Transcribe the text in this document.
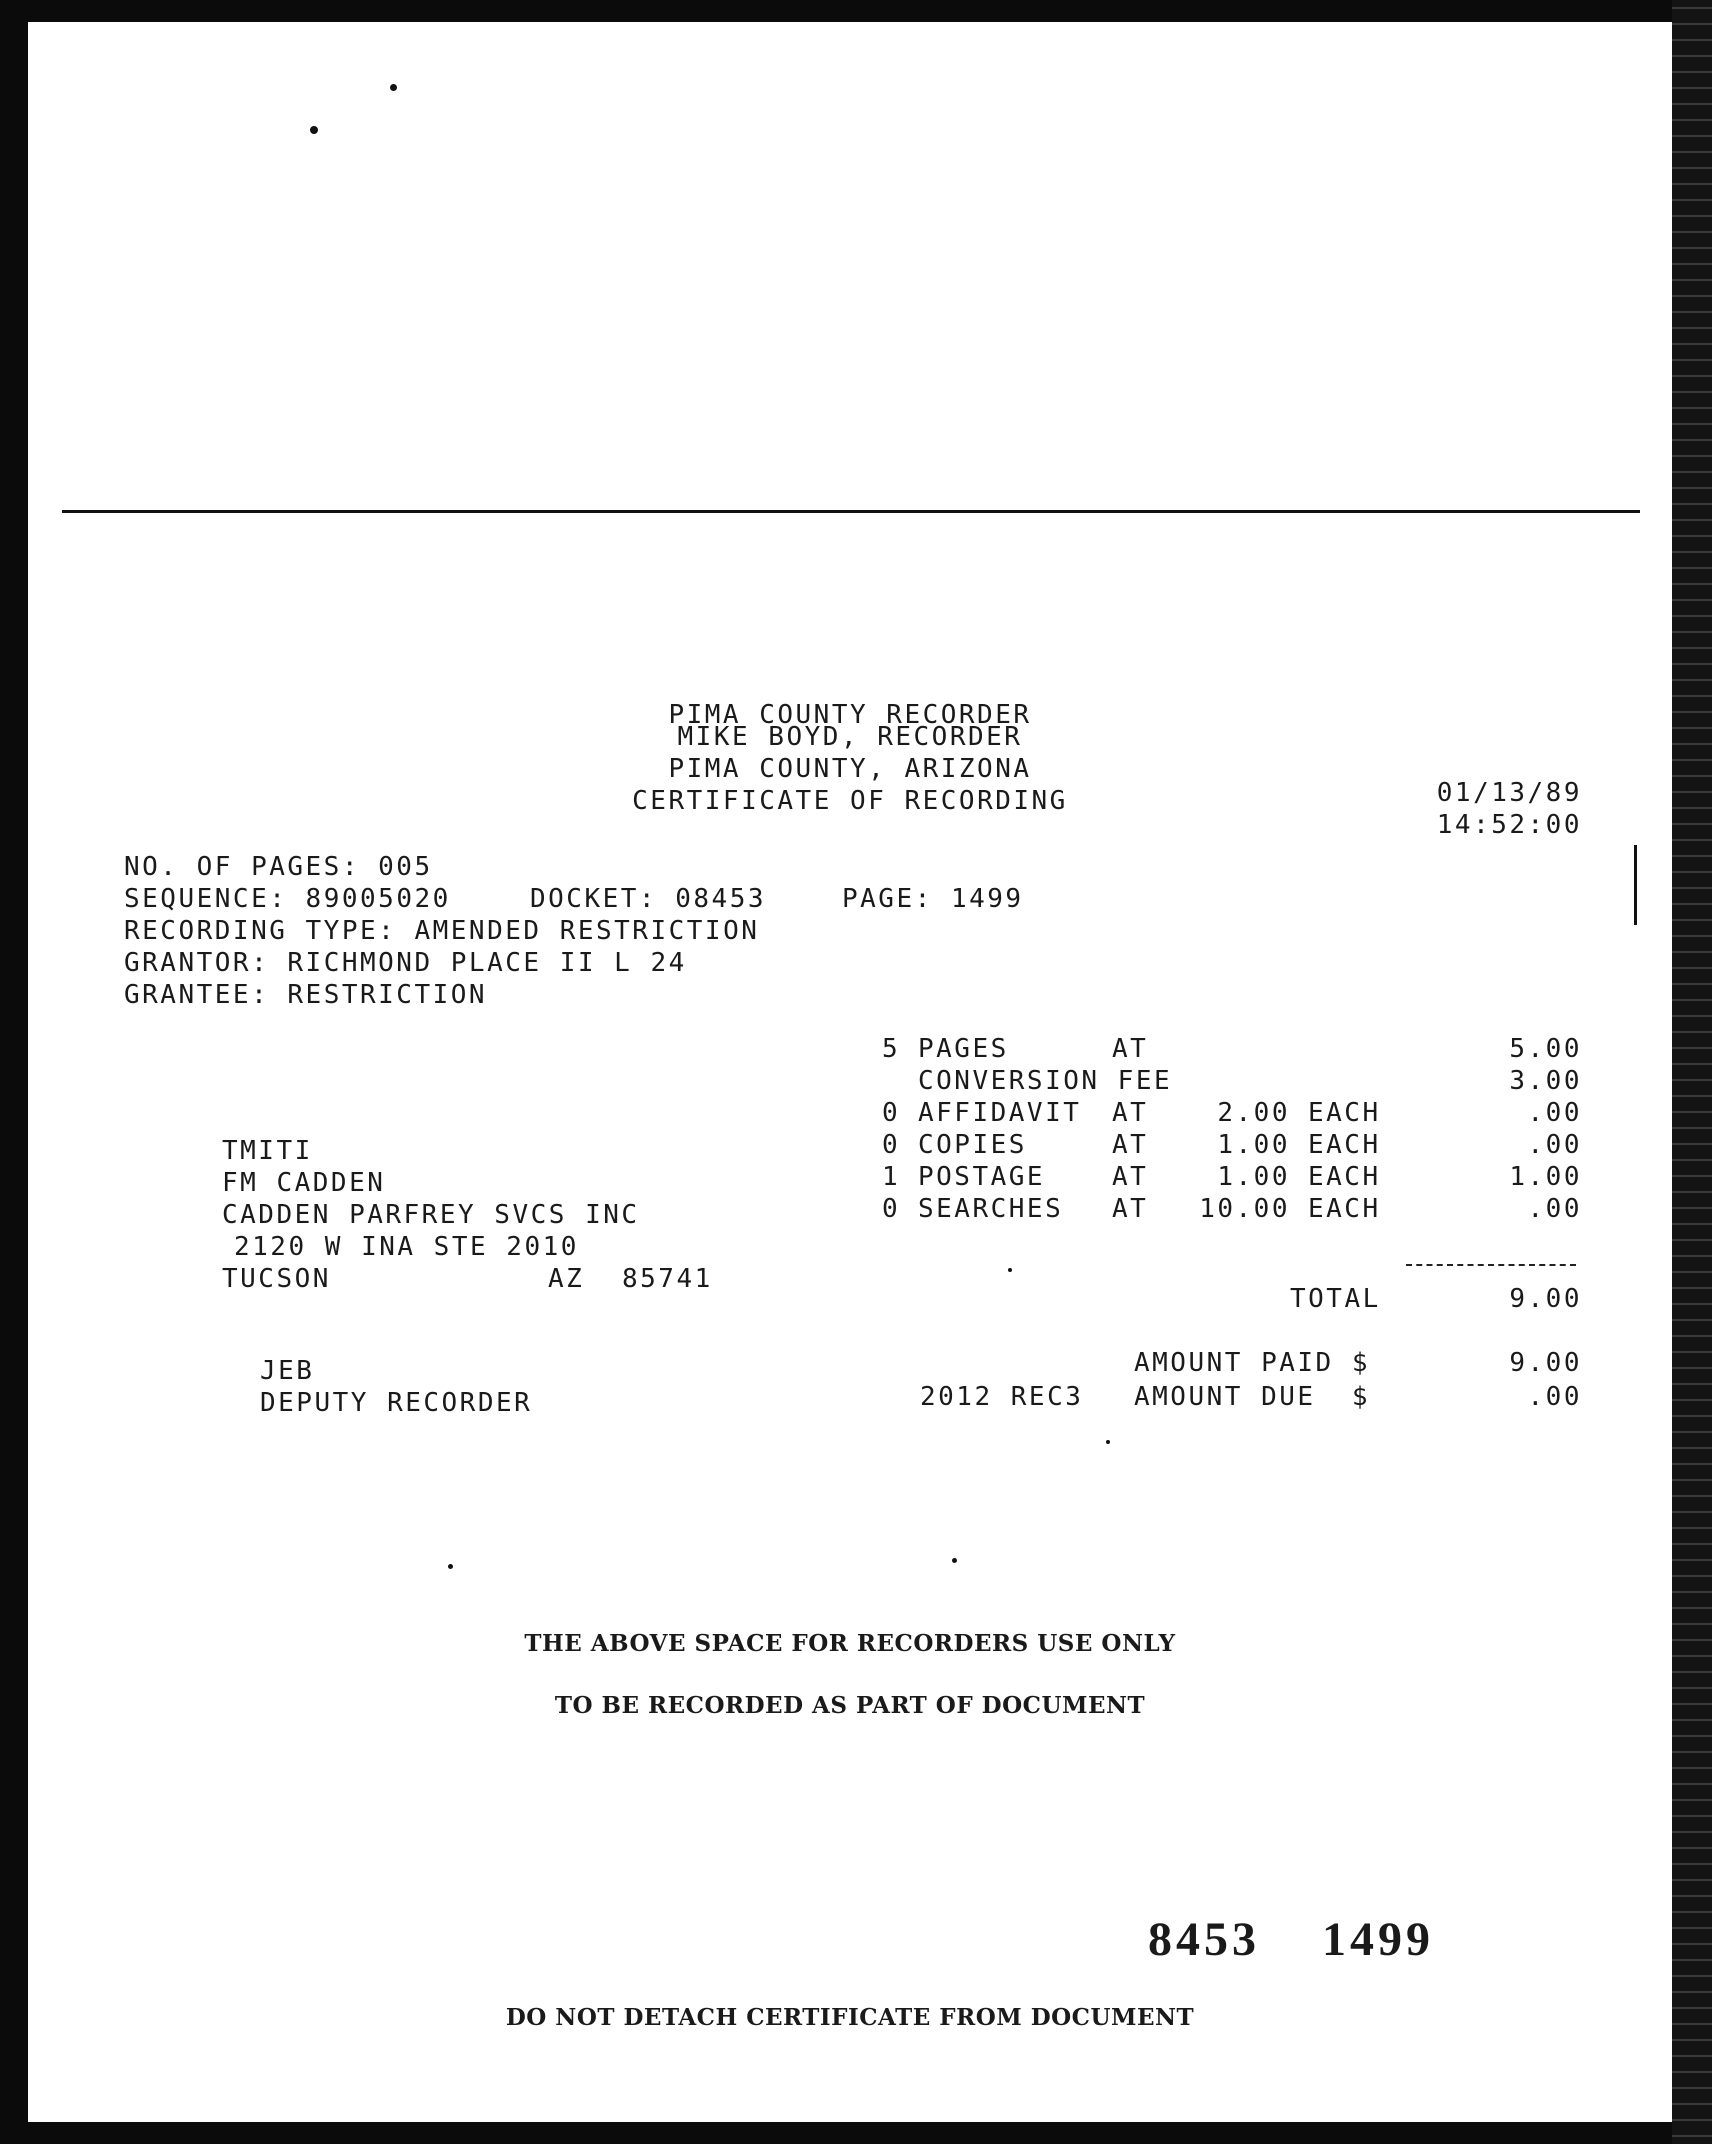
PIMA COUNTY RECORDER
MIKE BOYD, RECORDER
PIMA COUNTY, ARIZONA
CERTIFICATE OF RECORDING	01/13/89
14:52:00
NO. OF PAGES: 005
SEQUENCE: 89005020	DOCKET: 08453	PAGE: 1499
RECORDING TYPE: AMENDED RESTRICTION
GRANTOR: RICHMOND PLACE II L 24
GRANTEE: RESTRICTION
TMITI
FM CADDEN
CADDEN PARFREY SVCS INC
2120 W INA STE 2010
TUCSON	AZ 85741
5 PAGES	AT	5.00
CONVERSION FEE	3.00
0 AFFIDAVIT AT	2.00 EACH	.00
0 COPIES	AT	1.00 EACH	.00
1 POSTAGE	AT	1.00 EACH	1.00
0 SEARCHES AT	10.00 EACH	.00
TOTAL	9.00
AMOUNT PAID $	9.00
2012 REC3 AMOUNT DUE  $	.00
JEB
DEPUTY RECORDER
THE ABOVE SPACE FOR RECORDERS USE ONLY
TO BE RECORDED AS PART OF DOCUMENT
8453 1499
DO NOT DETACH CERTIFICATE FROM DOCUMENT
